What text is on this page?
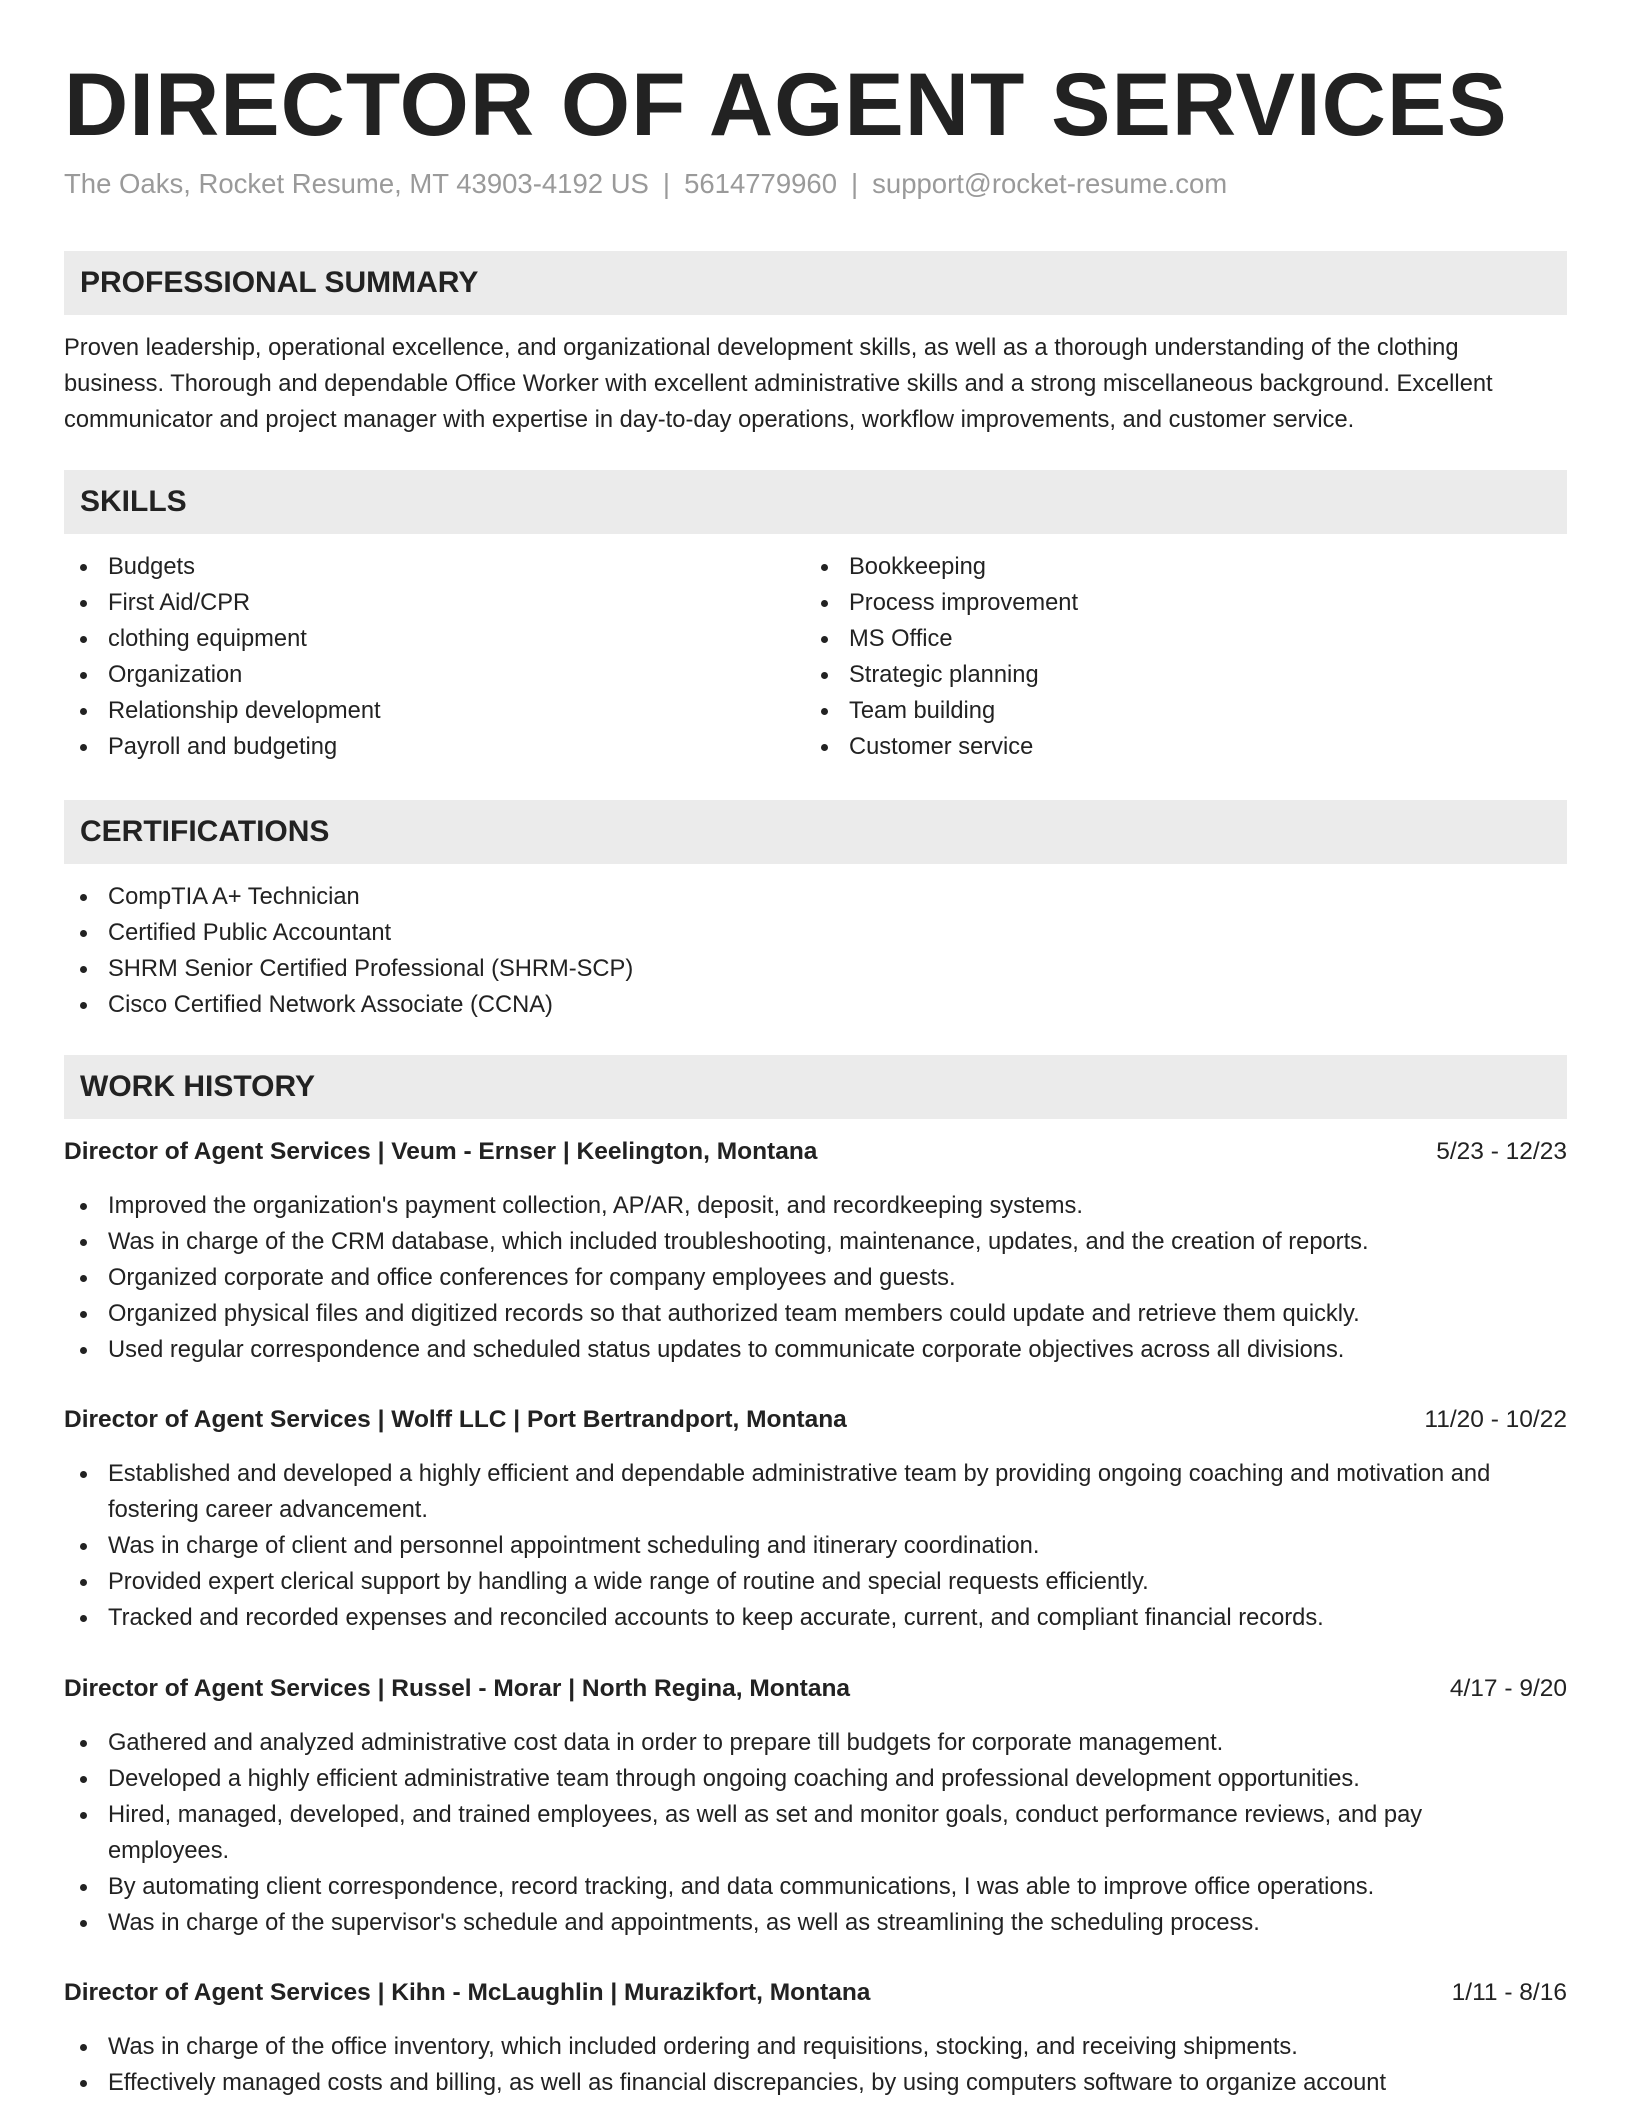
DIRECTOR OF AGENT SERVICES
The Oaks, Rocket Resume, MT 43903-4192 US | 5614779960 | support@rocket-resume.com
PROFESSIONAL SUMMARY
Proven leadership, operational excellence, and organizational development skills, as well as a thorough understanding of the clothing
business. Thorough and dependable Office Worker with excellent administrative skills and a strong miscellaneous background. Excellent
communicator and project manager with expertise in day-to-day operations, workflow improvements, and customer service.
SKILLS
Budgets
First Aid/CPR
clothing equipment
Organization
Relationship development
Payroll and budgeting
Bookkeeping
Process improvement
MS Office
Strategic planning
Team building
Customer service
CERTIFICATIONS
CompTIA A+ Technician
Certified Public Accountant
SHRM Senior Certified Professional (SHRM-SCP)
Cisco Certified Network Associate (CCNA)
WORK HISTORY
Director of Agent Services | Veum - Ernser | Keelington, Montana	5/23 - 12/23
Improved the organization's payment collection, AP/AR, deposit, and recordkeeping systems.
Was in charge of the CRM database, which included troubleshooting, maintenance, updates, and the creation of reports.
Organized corporate and office conferences for company employees and guests.
Organized physical files and digitized records so that authorized team members could update and retrieve them quickly.
Used regular correspondence and scheduled status updates to communicate corporate objectives across all divisions.
Director of Agent Services | Wolff LLC | Port Bertrandport, Montana	11/20 - 10/22
Established and developed a highly efficient and dependable administrative team by providing ongoing coaching and motivation and
fostering career advancement.
Was in charge of client and personnel appointment scheduling and itinerary coordination.
Provided expert clerical support by handling a wide range of routine and special requests efficiently.
Tracked and recorded expenses and reconciled accounts to keep accurate, current, and compliant financial records.
Director of Agent Services | Russel - Morar | North Regina, Montana	4/17 - 9/20
Gathered and analyzed administrative cost data in order to prepare till budgets for corporate management.
Developed a highly efficient administrative team through ongoing coaching and professional development opportunities.
Hired, managed, developed, and trained employees, as well as set and monitor goals, conduct performance reviews, and pay
employees.
By automating client correspondence, record tracking, and data communications, I was able to improve office operations.
Was in charge of the supervisor's schedule and appointments, as well as streamlining the scheduling process.
Director of Agent Services | Kihn - McLaughlin | Murazikfort, Montana	1/11 - 8/16
Was in charge of the office inventory, which included ordering and requisitions, stocking, and receiving shipments.
Effectively managed costs and billing, as well as financial discrepancies, by using computers software to organize account
